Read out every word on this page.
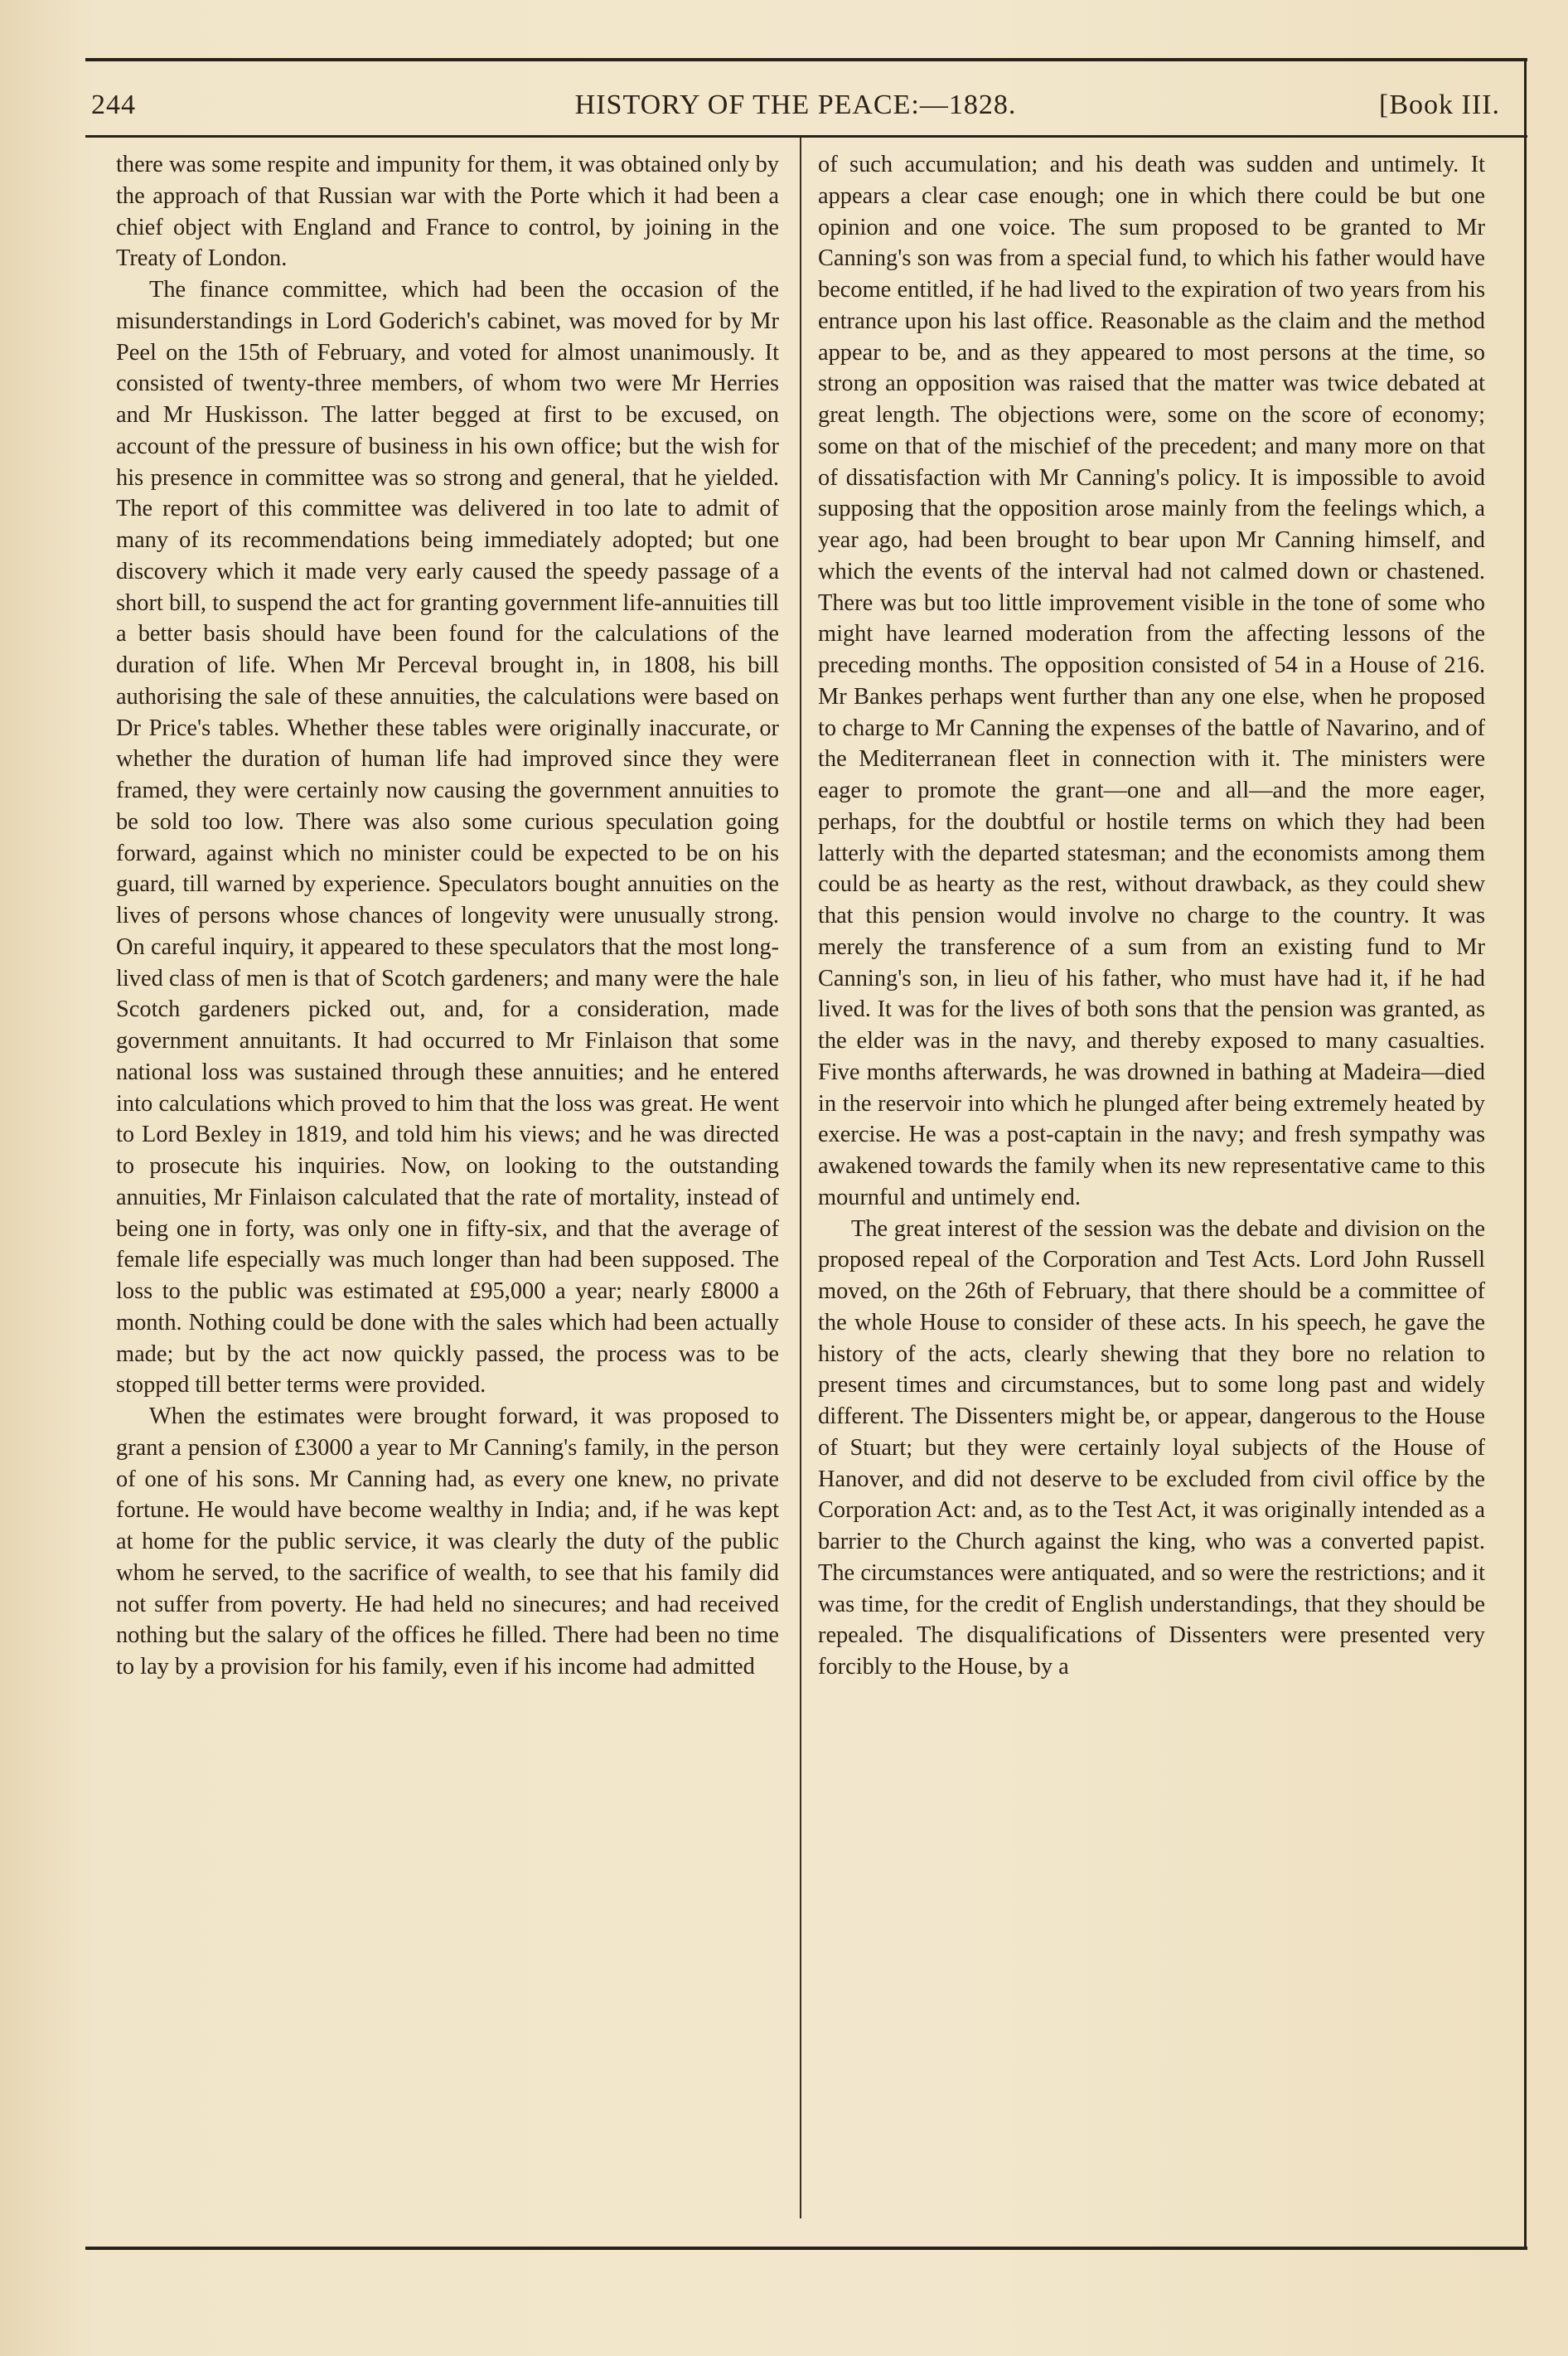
244	HISTORY OF THE PEACE:—1828.	[Book III.

there was some respite and impunity for them, it was obtained only by the approach of that Russian war with the Porte which it had been a chief object with England and France to control, by joining in the Treaty of London.

The finance committee, which had been the occasion of the misunderstandings in Lord Goderich's cabinet, was moved for by Mr Peel on the 15th of February, and voted for almost unanimously. It consisted of twenty-three members, of whom two were Mr Herries and Mr Huskisson. The latter begged at first to be excused, on account of the pressure of business in his own office; but the wish for his presence in committee was so strong and general, that he yielded. The report of this committee was delivered in too late to admit of many of its recommendations being immediately adopted; but one discovery which it made very early caused the speedy passage of a short bill, to suspend the act for granting government life-annuities till a better basis should have been found for the calculations of the duration of life. When Mr Perceval brought in, in 1808, his bill authorising the sale of these annuities, the calculations were based on Dr Price's tables. Whether these tables were originally inaccurate, or whether the duration of human life had improved since they were framed, they were certainly now causing the government annuities to be sold too low. There was also some curious speculation going forward, against which no minister could be expected to be on his guard, till warned by experience. Speculators bought annuities on the lives of persons whose chances of longevity were unusually strong. On careful inquiry, it appeared to these speculators that the most long-lived class of men is that of Scotch gardeners; and many were the hale Scotch gardeners picked out, and, for a consideration, made government annuitants. It had occurred to Mr Finlaison that some national loss was sustained through these annuities; and he entered into calculations which proved to him that the loss was great. He went to Lord Bexley in 1819, and told him his views; and he was directed to prosecute his inquiries. Now, on looking to the outstanding annuities, Mr Finlaison calculated that the rate of mortality, instead of being one in forty, was only one in fifty-six, and that the average of female life especially was much longer than had been supposed. The loss to the public was estimated at £95,000 a year; nearly £8000 a month. Nothing could be done with the sales which had been actually made; but by the act now quickly passed, the process was to be stopped till better terms were provided.

When the estimates were brought forward, it was proposed to grant a pension of £3000 a year to Mr Canning's family, in the person of one of his sons. Mr Canning had, as every one knew, no private fortune. He would have become wealthy in India; and, if he was kept at home for the public service, it was clearly the duty of the public whom he served, to the sacrifice of wealth, to see that his family did not suffer from poverty. He had held no sinecures; and had received nothing but the salary of the offices he filled. There had been no time to lay by a provision for his family, even if his income had admitted

of such accumulation; and his death was sudden and untimely. It appears a clear case enough; one in which there could be but one opinion and one voice. The sum proposed to be granted to Mr Canning's son was from a special fund, to which his father would have become entitled, if he had lived to the expiration of two years from his entrance upon his last office. Reasonable as the claim and the method appear to be, and as they appeared to most persons at the time, so strong an opposition was raised that the matter was twice debated at great length. The objections were, some on the score of economy; some on that of the mischief of the precedent; and many more on that of dissatisfaction with Mr Canning's policy. It is impossible to avoid supposing that the opposition arose mainly from the feelings which, a year ago, had been brought to bear upon Mr Canning himself, and which the events of the interval had not calmed down or chastened. There was but too little improvement visible in the tone of some who might have learned moderation from the affecting lessons of the preceding months. The opposition consisted of 54 in a House of 216. Mr Bankes perhaps went further than any one else, when he proposed to charge to Mr Canning the expenses of the battle of Navarino, and of the Mediterranean fleet in connection with it. The ministers were eager to promote the grant—one and all—and the more eager, perhaps, for the doubtful or hostile terms on which they had been latterly with the departed statesman; and the economists among them could be as hearty as the rest, without drawback, as they could shew that this pension would involve no charge to the country. It was merely the transference of a sum from an existing fund to Mr Canning's son, in lieu of his father, who must have had it, if he had lived. It was for the lives of both sons that the pension was granted, as the elder was in the navy, and thereby exposed to many casualties. Five months afterwards, he was drowned in bathing at Madeira—died in the reservoir into which he plunged after being extremely heated by exercise. He was a post-captain in the navy; and fresh sympathy was awakened towards the family when its new representative came to this mournful and untimely end.

The great interest of the session was the debate and division on the proposed repeal of the Corporation and Test Acts. Lord John Russell moved, on the 26th of February, that there should be a committee of the whole House to consider of these acts. In his speech, he gave the history of the acts, clearly shewing that they bore no relation to present times and circumstances, but to some long past and widely different. The Dissenters might be, or appear, dangerous to the House of Stuart; but they were certainly loyal subjects of the House of Hanover, and did not deserve to be excluded from civil office by the Corporation Act: and, as to the Test Act, it was originally intended as a barrier to the Church against the king, who was a converted papist. The circumstances were antiquated, and so were the restrictions; and it was time, for the credit of English understandings, that they should be repealed. The disqualifications of Dissenters were presented very forcibly to the House, by a
